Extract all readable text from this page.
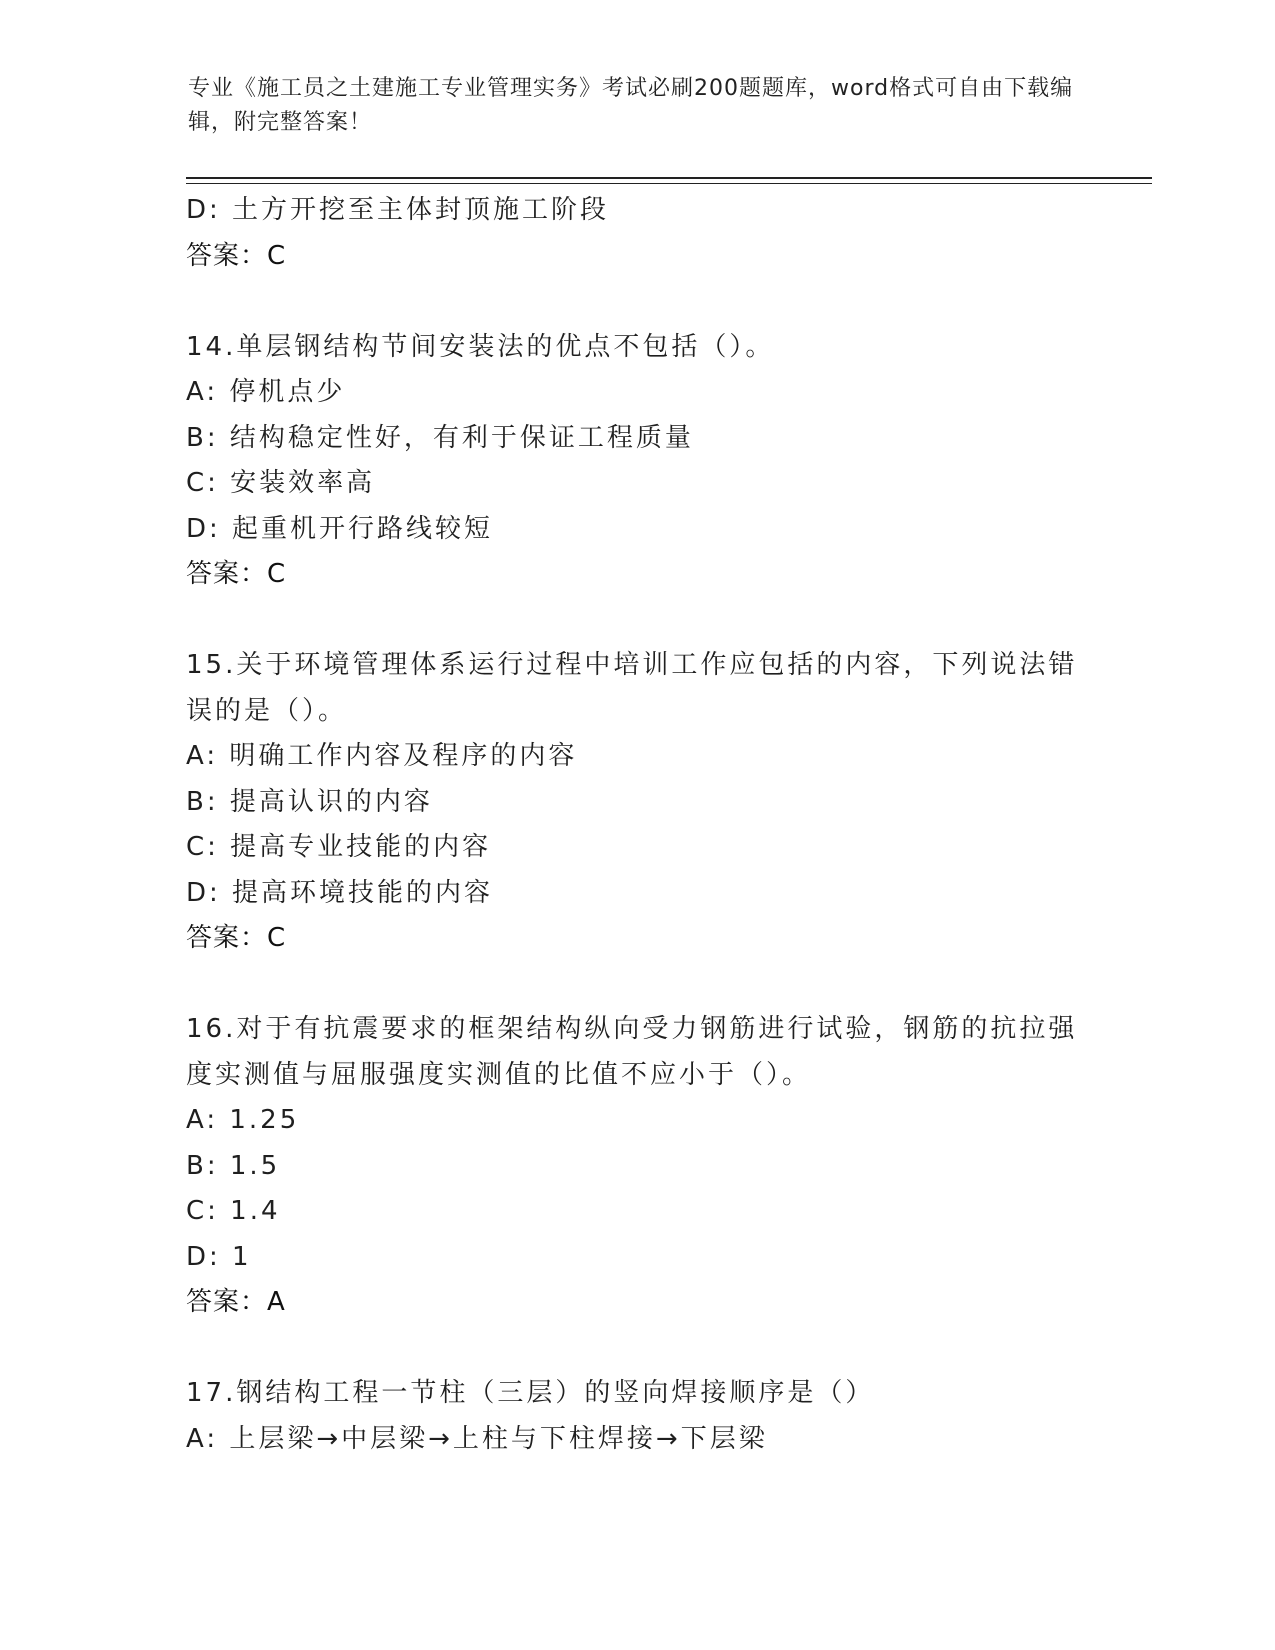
专业《施工员之土建施工专业管理实务》考试必刷200题题库，word格式可自由下载编辑，附完整答案！
D: 土方开挖至主体封顶施工阶段
答案：C
14.单层钢结构节间安装法的优点不包括（）。
A: 停机点少
B: 结构稳定性好，有利于保证工程质量
C: 安装效率高
D: 起重机开行路线较短
答案：C
15.关于环境管理体系运行过程中培训工作应包括的内容，下列说法错
误的是（）。
A: 明确工作内容及程序的内容
B: 提高认识的内容
C: 提高专业技能的内容
D: 提高环境技能的内容
答案：C
16.对于有抗震要求的框架结构纵向受力钢筋进行试验，钢筋的抗拉强
度实测值与屈服强度实测值的比值不应小于（）。
A: 1.25
B: 1.5
C: 1.4
D: 1
答案：A
17.钢结构工程一节柱（三层）的竖向焊接顺序是（）
A: 上层梁→中层梁→上柱与下柱焊接→下层梁
